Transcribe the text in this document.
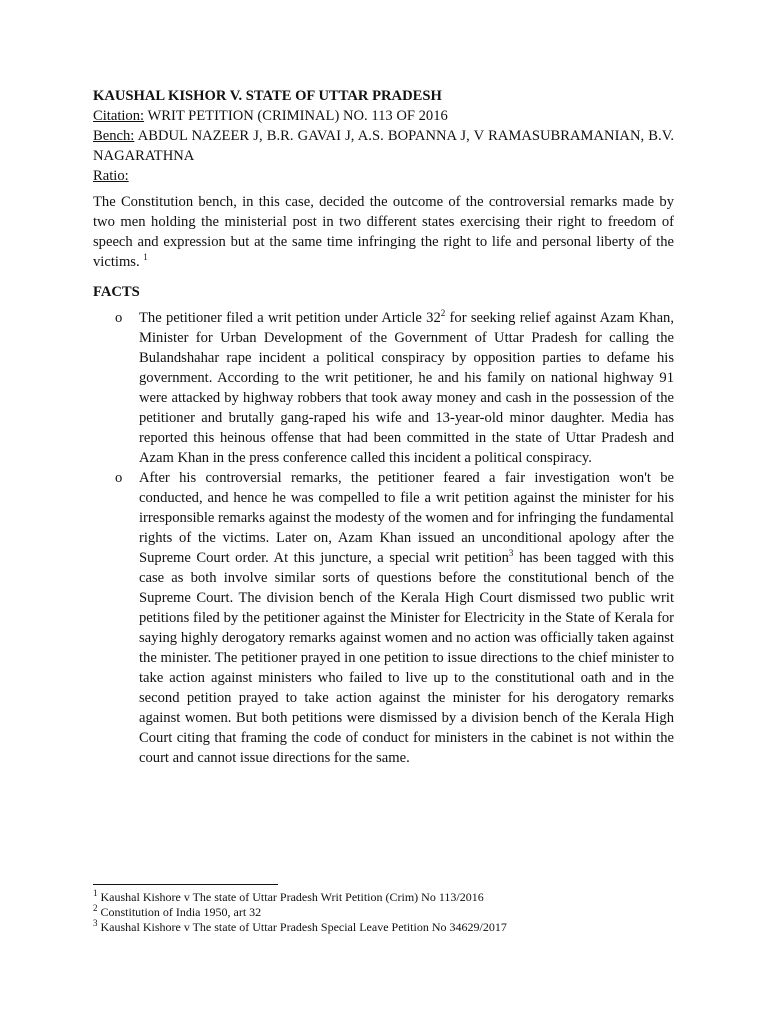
KAUSHAL KISHOR V. STATE OF UTTAR PRADESH

Citation: WRIT PETITION (CRIMINAL) NO. 113 OF 2016

Bench: ABDUL NAZEER J, B.R. GAVAI J, A.S. BOPANNA J, V RAMASUBRAMANIAN, B.V. NAGARATHNA

Ratio:

The Constitution bench, in this case, decided the outcome of the controversial remarks made by two men holding the ministerial post in two different states exercising their right to freedom of speech and expression but at the same time infringing the right to life and personal liberty of the victims. $^1$

FACTS

o The petitioner filed a writ petition under Article $32^2$ for seeking relief against Azam Khan, Minister for Urban Development of the Government of Uttar Pradesh for calling the Bulandshahar rape incident a political conspiracy by opposition parties to defame his government. According to the writ petitioner, he and his family on national highway 91 were attacked by highway robbers that took away money and cash in the possession of the petitioner and brutally gang-raped his wife and 13-year-old minor daughter. Media has reported this heinous offense that had been committed in the state of Uttar Pradesh and Azam Khan in the press conference called this incident a political conspiracy.
o After his controversial remarks, the petitioner feared a fair investigation won't be conducted, and hence he was compelled to file a writ petition against the minister for his irresponsible remarks against the modesty of the women and for infringing the fundamental rights of the victims. Later on, Azam Khan issued an unconditional apology after the Supreme Court order. At this juncture, a special writ petition$^3$ has been tagged with this case as both involve similar sorts of questions before the constitutional bench of the Supreme Court. The division bench of the Kerala High Court dismissed two public writ petitions filed by the petitioner against the Minister for Electricity in the State of Kerala for saying highly derogatory remarks against women and no action was officially taken against the minister. The petitioner prayed in one petition to issue directions to the chief minister to take action against ministers who failed to live up to the constitutional oath and in the second petition prayed to take action against the minister for his derogatory remarks against women. But both petitions were dismissed by a division bench of the Kerala High Court citing that framing the code of conduct for ministers in the cabinet is not within the court and cannot issue directions for the same.
$^1$ Kaushal Kishore v The state of Uttar Pradesh Writ Petition (Crim) No 113/2016
$^2$ Constitution of India 1950, art 32
$^3$ Kaushal Kishore v The state of Uttar Pradesh Special Leave Petition No 34629/2017
